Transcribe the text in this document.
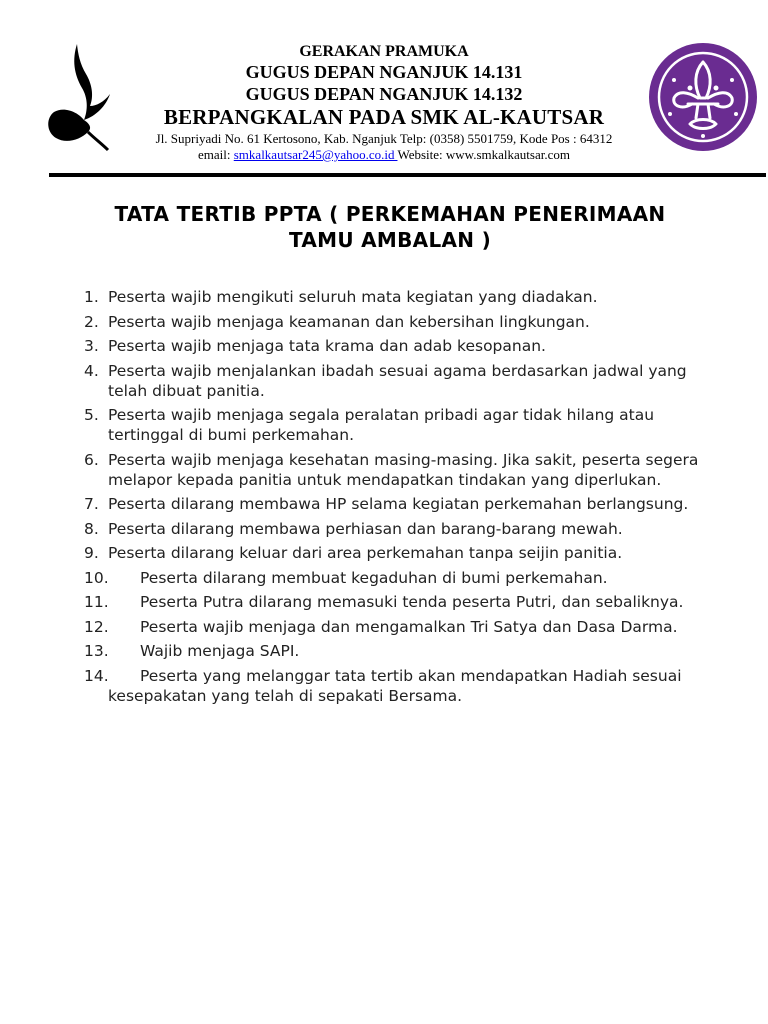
GERAKAN PRAMUKA
GUGUS DEPAN NGANJUK 14.131
GUGUS DEPAN NGANJUK 14.132
BERPANGKALAN PADA SMK AL-KAUTSAR
Jl. Supriyadi No. 61 Kertosono, Kab. Nganjuk Telp: (0358) 5501759, Kode Pos : 64312
email: smkalkautsar245@yahoo.co.id Website: www.smkalkautsar.com
TATA TERTIB PPTA ( PERKEMAHAN PENERIMAAN
TAMU AMBALAN )
1. Peserta wajib mengikuti seluruh mata kegiatan yang diadakan.
2. Peserta wajib menjaga keamanan dan kebersihan lingkungan.
3. Peserta wajib menjaga tata krama dan adab kesopanan.
4. Peserta wajib menjalankan ibadah sesuai agama berdasarkan jadwal yang telah dibuat panitia.
5. Peserta wajib menjaga segala peralatan pribadi agar tidak hilang atau tertinggal di bumi perkemahan.
6. Peserta wajib menjaga kesehatan masing-masing. Jika sakit, peserta segera melapor kepada panitia untuk mendapatkan tindakan yang diperlukan.
7. Peserta dilarang membawa HP selama kegiatan perkemahan berlangsung.
8. Peserta dilarang membawa perhiasan dan barang-barang mewah.
9. Peserta dilarang keluar dari area perkemahan tanpa seijin panitia.
10. Peserta dilarang membuat kegaduhan di bumi perkemahan.
11. Peserta Putra dilarang memasuki tenda peserta Putri, dan sebaliknya.
12. Peserta wajib menjaga dan mengamalkan Tri Satya dan Dasa Darma.
13. Wajib menjaga SAPI.
14. Peserta yang melanggar tata tertib akan mendapatkan Hadiah sesuai kesepakatan yang telah di sepakati Bersama.
